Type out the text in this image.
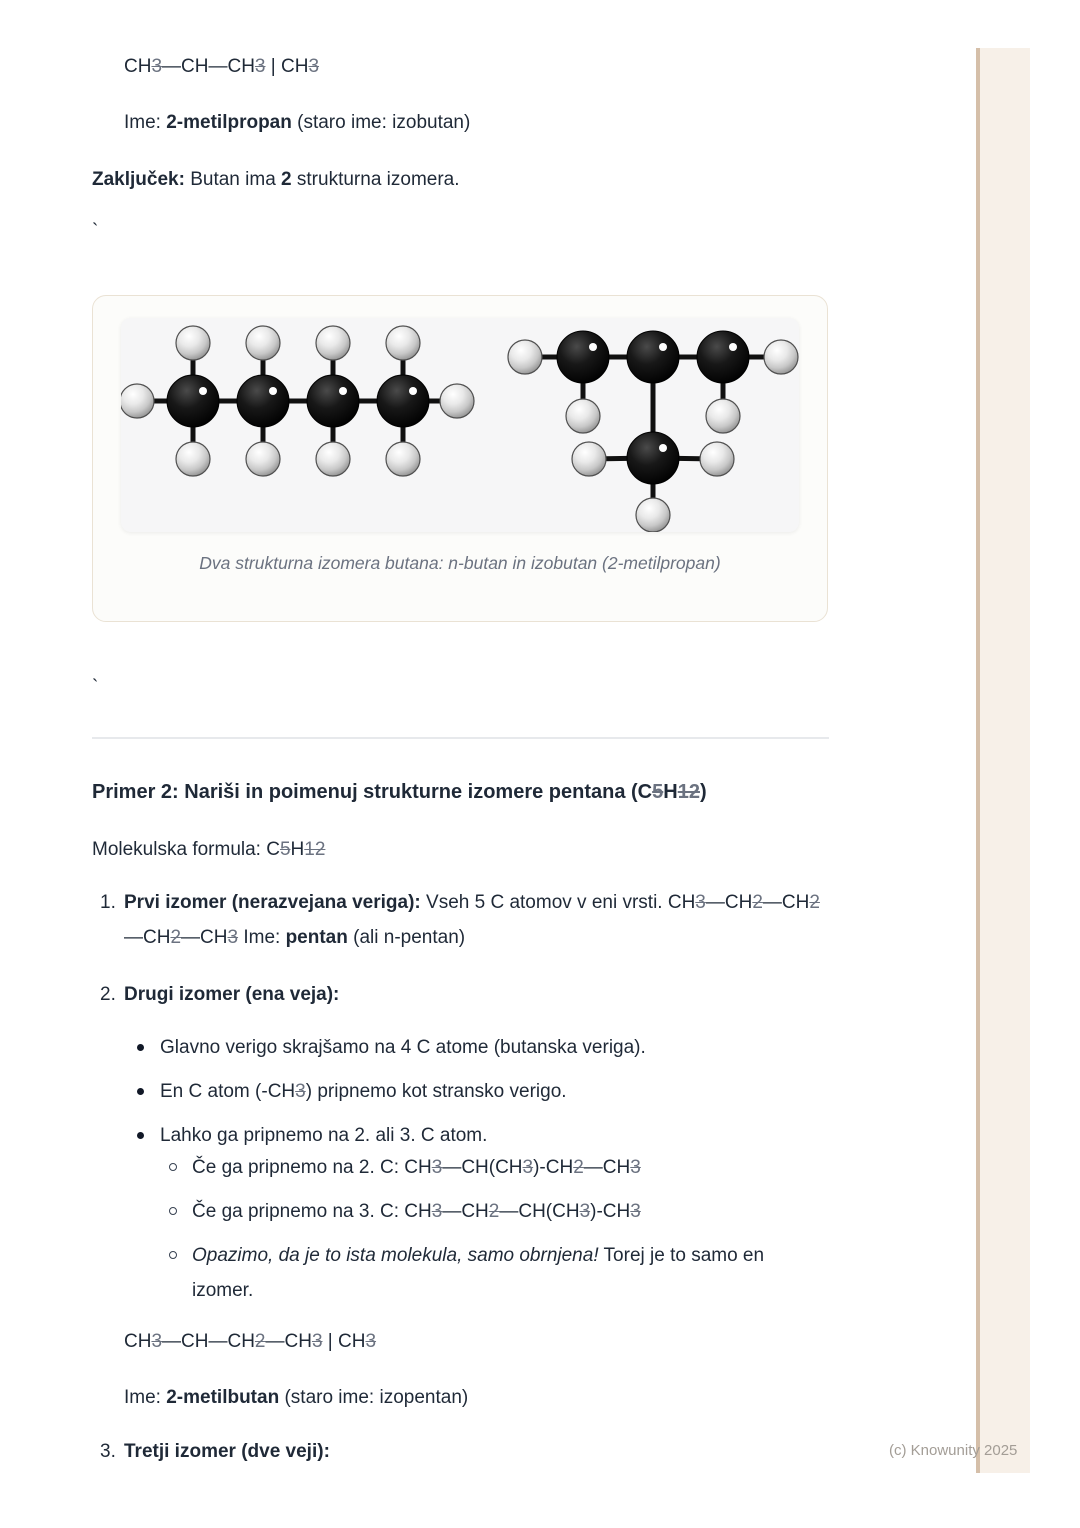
CH3—CH—CH3 | CH3
Ime: 2-metilpropan (staro ime: izobutan)
Zaključek: Butan ima 2 strukturna izomera.
`
Dva strukturna izomera butana: n-butan in izobutan (2-metilpropan)
`
Primer 2: Nariši in poimenuj strukturne izomere pentana (C5H12)
Molekulska formula: C5H12
1. Prvi izomer (nerazvejana veriga): Vseh 5 C atomov v eni vrsti. CH3—CH2—CH2—CH2—CH3 Ime: pentan (ali n-pentan)
2. Drugi izomer (ena veja):
Glavno verigo skrajšamo na 4 C atome (butanska veriga).
En C atom (-CH3) pripnemo kot stransko verigo.
Lahko ga pripnemo na 2. ali 3. C atom.
Če ga pripnemo na 2. C: CH3—CH(CH3)-CH2—CH3
Če ga pripnemo na 3. C: CH3—CH2—CH(CH3)-CH3
Opazimo, da je to ista molekula, samo obrnjena! Torej je to samo en izomer.
CH3—CH—CH2—CH3 | CH3
Ime: 2-metilbutan (staro ime: izopentan)
3. Tretji izomer (dve veji):	(c) Knowunity 2025
